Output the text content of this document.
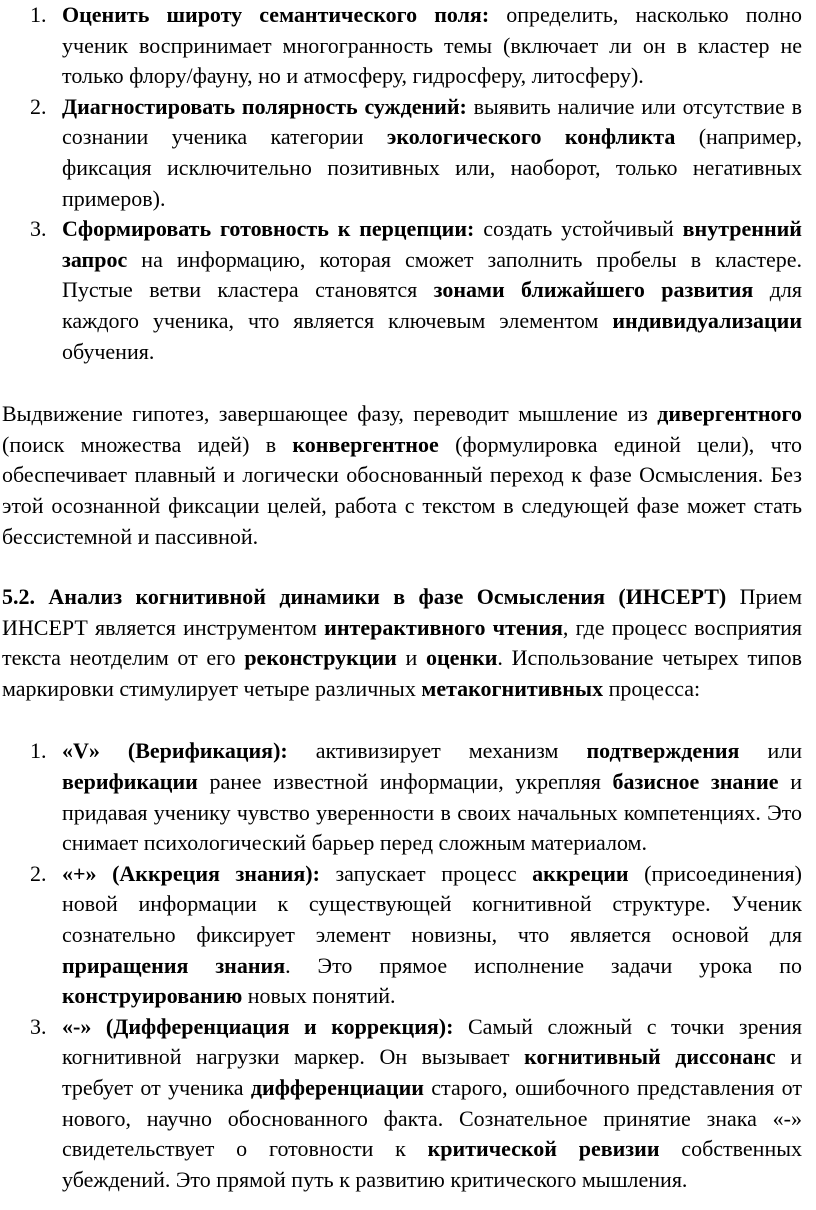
1. Оценить широту семантического поля: определить, насколько полно ученик воспринимает многогранность темы (включает ли он в кластер не только флору/фауну, но и атмосферу, гидросферу, литосферу).
2. Диагностировать полярность суждений: выявить наличие или отсутствие в сознании ученика категории экологического конфликта (например, фиксация исключительно позитивных или, наоборот, только негативных примеров).
3. Сформировать готовность к перцепции: создать устойчивый внутренний запрос на информацию, которая сможет заполнить пробелы в кластере. Пустые ветви кластера становятся зонами ближайшего развития для каждого ученика, что является ключевым элементом индивидуализации обучения.

Выдвижение гипотез, завершающее фазу, переводит мышление из дивергентного (поиск множества идей) в конвергентное (формулировка единой цели), что обеспечивает плавный и логически обоснованный переход к фазе Осмысления. Без этой осознанной фиксации целей, работа с текстом в следующей фазе может стать бессистемной и пассивной.

5.2. Анализ когнитивной динамики в фазе Осмысления (ИНСЕРТ) Прием ИНСЕРТ является инструментом интерактивного чтения, где процесс восприятия текста неотделим от его реконструкции и оценки. Использование четырех типов маркировки стимулирует четыре различных метакогнитивных процесса:

1. «V» (Верификация): активизирует механизм подтверждения или верификации ранее известной информации, укрепляя базисное знание и придавая ученику чувство уверенности в своих начальных компетенциях. Это снимает психологический барьер перед сложным материалом.
2. «+» (Аккреция знания): запускает процесс аккреции (присоединения) новой информации к существующей когнитивной структуре. Ученик сознательно фиксирует элемент новизны, что является основой для приращения знания. Это прямое исполнение задачи урока по конструированию новых понятий.
3. «-» (Дифференциация и коррекция): Самый сложный с точки зрения когнитивной нагрузки маркер. Он вызывает когнитивный диссонанс и требует от ученика дифференциации старого, ошибочного представления от нового, научно обоснованного факта. Сознательное принятие знака «-» свидетельствует о готовности к критической ревизии собственных убеждений. Это прямой путь к развитию критического мышления.
